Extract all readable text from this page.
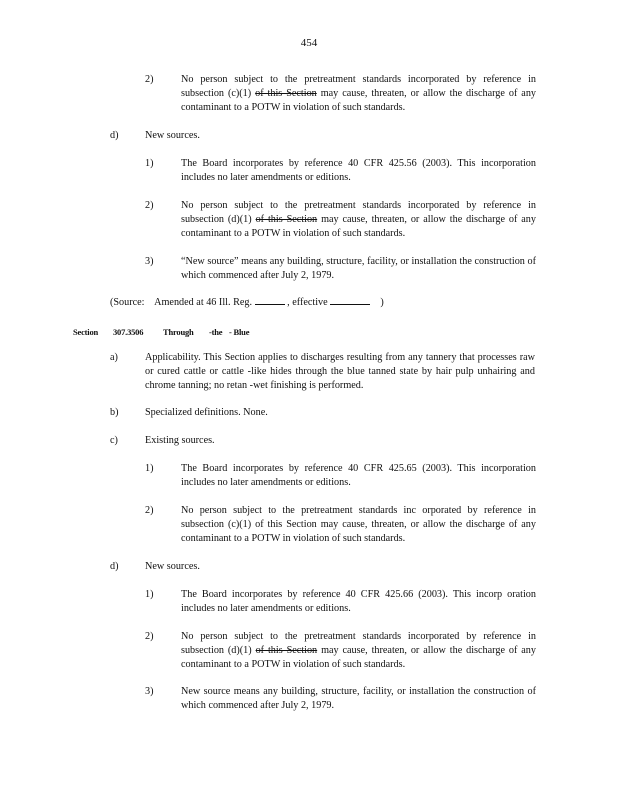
454
2)	No person subject to the pretreatment standards incorporated by reference in subsection (c)(1) of this Section may cause, threaten, or allow the discharge of any contaminant to a POTW in violation of such standards.
d)	New sources.
1)	The Board incorporates by reference 40 CFR 425.56 (2003). This incorporation includes no later amendments or editions.
2)	No person subject to the pretreatment standards incorporated by reference in subsection (d)(1) of this Section may cause, threaten, or allow the discharge of any contaminant to a POTW in violation of such standards.
3)	“New source” means any building, structure, facility, or installation the construction of which commenced after July 2, 1979.
(Source: Amended at 46 Ill. Reg.	, effective	)
Section 307.3506 Through -the - Blue
a)	Applicability. This Section applies to discharges resulting from any tannery that processes raw or cured cattle or cattle -like hides through the blue tanned state by hair pulp unhairing and chrome tanning; no retan -wet finishing is performed.
b)	Specialized definitions. None.
c)	Existing sources.
1)	The Board incorporates by reference 40 CFR 425.65 (2003). This incorporation includes no later amendments or editions.
2)	No person subject to the pretreatment standards inc orporated by reference in subsection (c)(1) of this Section may cause, threaten, or allow the discharge of any contaminant to a POTW in violation of such standards.
d)	New sources.
1)	The Board incorporates by reference 40 CFR 425.66 (2003). This incorp oration includes no later amendments or editions.
2)	No person subject to the pretreatment standards incorporated by reference in subsection (d)(1) of this Section may cause, threaten, or allow the discharge of any contaminant to a POTW in violation of such standards.
3)	New source means any building, structure, facility, or installation the construction of which commenced after July 2, 1979.
